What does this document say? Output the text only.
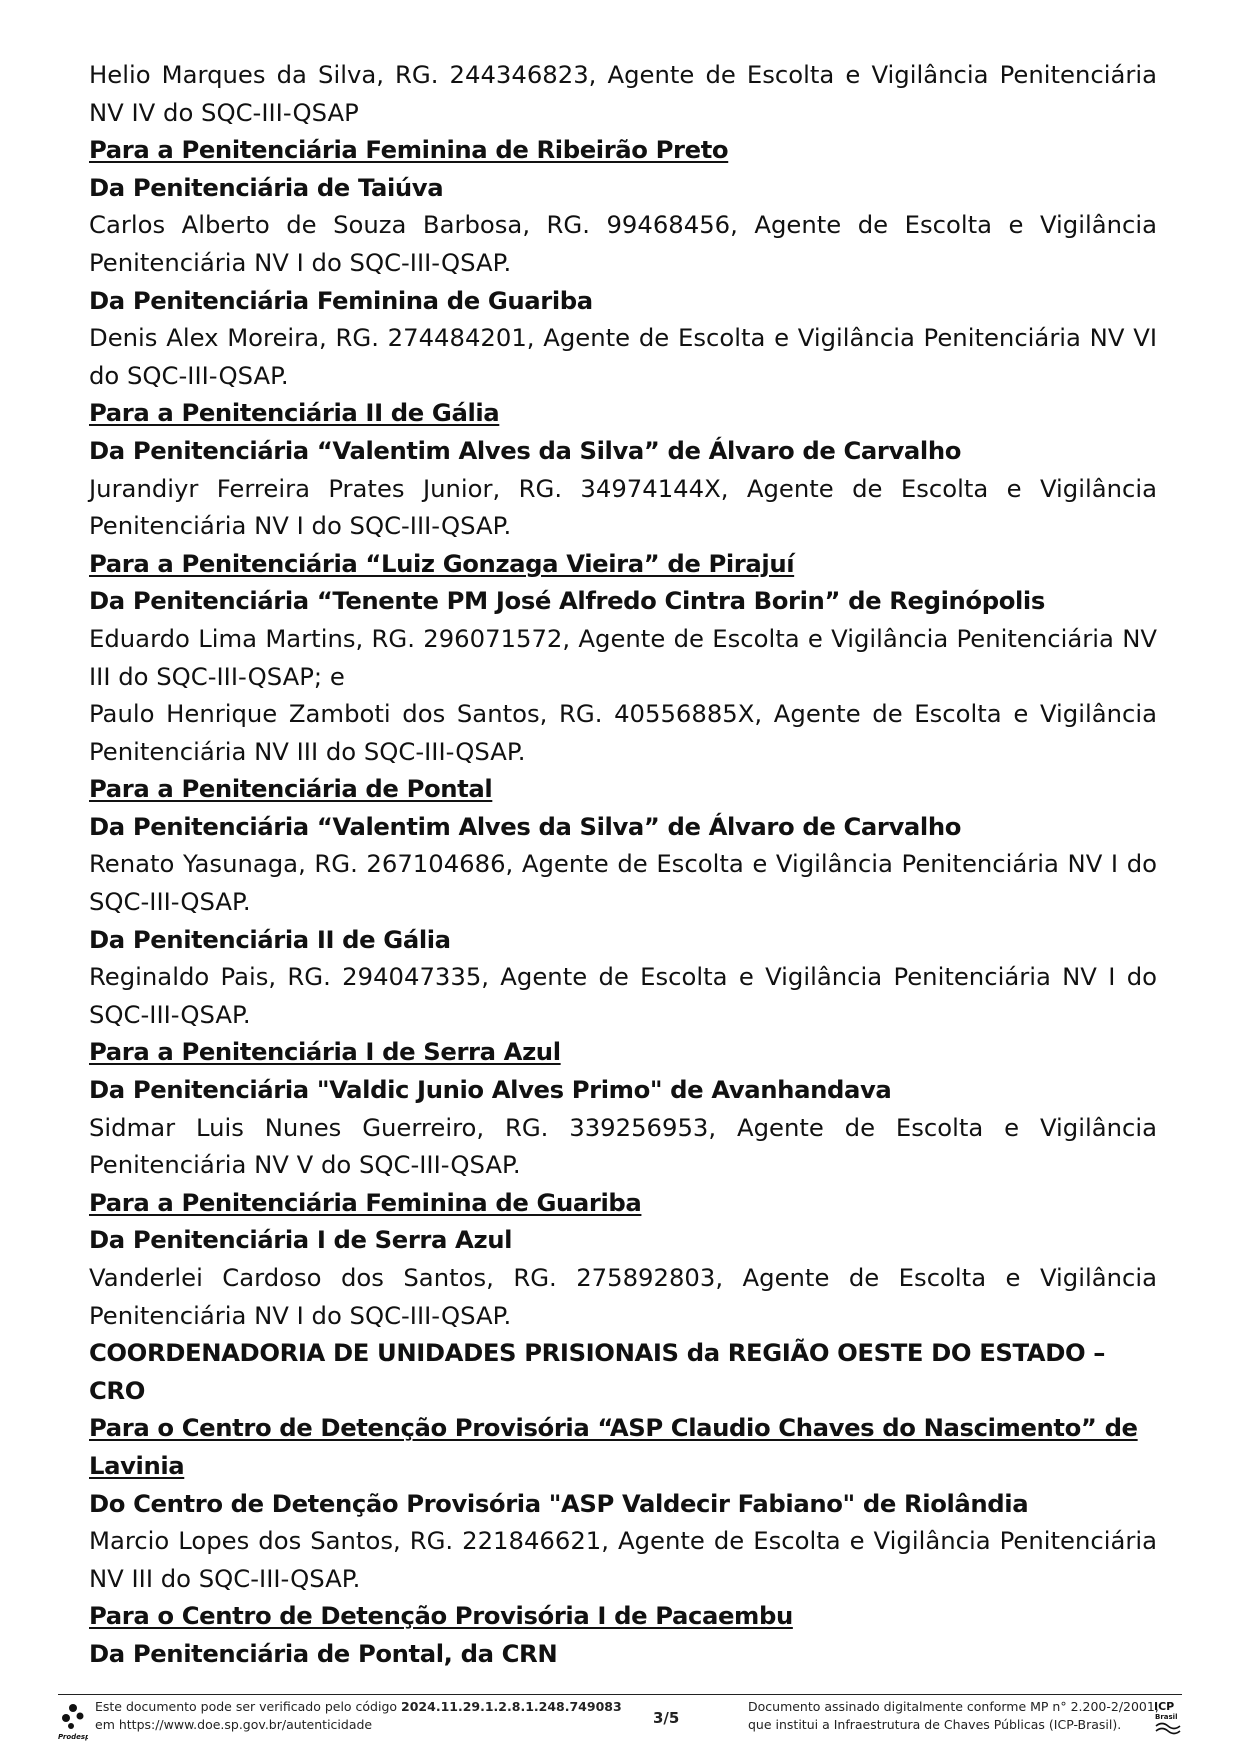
Helio Marques da Silva, RG. 244346823, Agente de Escolta e Vigilância Penitenciária NV IV do SQC-III-QSAP
Para a Penitenciária Feminina de Ribeirão Preto
Da Penitenciária de Taiúva
Carlos Alberto de Souza Barbosa, RG. 99468456, Agente de Escolta e Vigilância Penitenciária NV I do SQC-III-QSAP.
Da Penitenciária Feminina de Guariba
Denis Alex Moreira, RG. 274484201, Agente de Escolta e Vigilância Penitenciária NV VI do SQC-III-QSAP.
Para a Penitenciária II de Gália
Da Penitenciária “Valentim Alves da Silva” de Álvaro de Carvalho
Jurandiyr Ferreira Prates Junior, RG. 34974144X, Agente de Escolta e Vigilância Penitenciária NV I do SQC-III-QSAP.
Para a Penitenciária “Luiz Gonzaga Vieira” de Pirajuí
Da Penitenciária “Tenente PM José Alfredo Cintra Borin” de Reginópolis
Eduardo Lima Martins, RG. 296071572, Agente de Escolta e Vigilância Penitenciária NV III do SQC-III-QSAP; e
Paulo Henrique Zamboti dos Santos, RG. 40556885X, Agente de Escolta e Vigilância Penitenciária NV III do SQC-III-QSAP.
Para a Penitenciária de Pontal
Da Penitenciária “Valentim Alves da Silva” de Álvaro de Carvalho
Renato Yasunaga, RG. 267104686, Agente de Escolta e Vigilância Penitenciária NV I do SQC-III-QSAP.
Da Penitenciária II de Gália
Reginaldo Pais, RG. 294047335, Agente de Escolta e Vigilância Penitenciária NV I do SQC-III-QSAP.
Para a Penitenciária I de Serra Azul
Da Penitenciária "Valdic Junio Alves Primo" de Avanhandava
Sidmar Luis Nunes Guerreiro, RG. 339256953, Agente de Escolta e Vigilância Penitenciária NV V do SQC-III-QSAP.
Para a Penitenciária Feminina de Guariba
Da Penitenciária I de Serra Azul
Vanderlei Cardoso dos Santos, RG. 275892803, Agente de Escolta e Vigilância Penitenciária NV I do SQC-III-QSAP.
COORDENADORIA DE UNIDADES PRISIONAIS da REGIÃO OESTE DO ESTADO – CRO
Para o Centro de Detenção Provisória “ASP Claudio Chaves do Nascimento” de Lavinia
Do Centro de Detenção Provisória "ASP Valdecir Fabiano" de Riolândia
Marcio Lopes dos Santos, RG. 221846621, Agente de Escolta e Vigilância Penitenciária NV III do SQC-III-QSAP.
Para o Centro de Detenção Provisória I de Pacaembu
Da Penitenciária de Pontal, da CRN
Prodesp
Este documento pode ser verificado pelo código 2024.11.29.1.2.8.1.248.749083
em https://www.doe.sp.gov.br/autenticidade	3/5
Documento assinado digitalmente conforme MP n° 2.200-2/2001,
que institui a Infraestrutura de Chaves Públicas (ICP-Brasil).
ICP
Brasil
